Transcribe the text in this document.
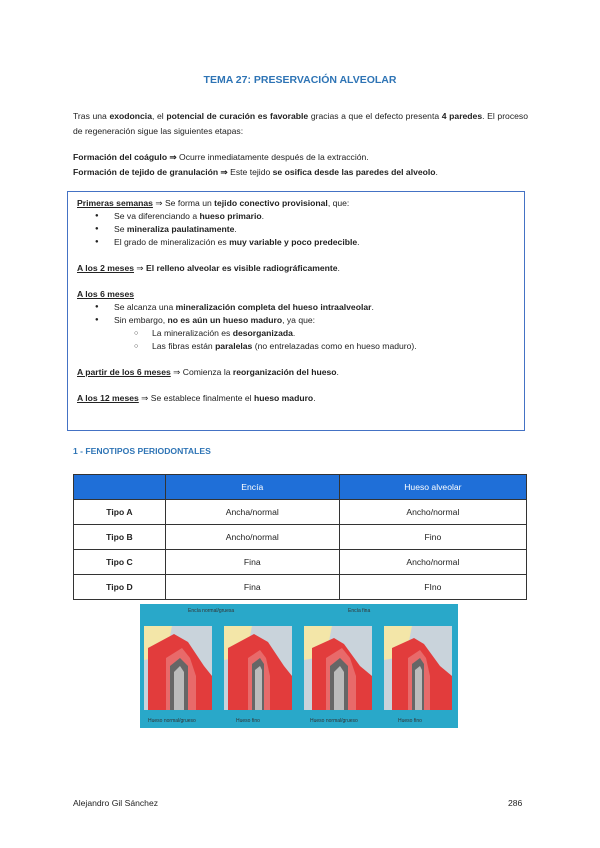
TEMA 27: PRESERVACIÓN ALVEOLAR

Tras una exodoncia, el potencial de curación es favorable gracias a que el defecto presenta 4 paredes. El proceso de regeneración sigue las siguientes etapas:

Formación del coágulo ⇒ Ocurre inmediatamente después de la extracción.
Formación de tejido de granulación ⇒ Este tejido se osifica desde las paredes del alveolo.

Primeras semanas ⇒ Se forma un tejido conectivo provisional, que:

● Se va diferenciando a hueso primario.
● Se mineraliza paulatinamente.
● El grado de mineralización es muy variable y poco predecible.

A los 2 meses ⇒ El relleno alveolar es visible radiográficamente.

A los 6 meses

● Se alcanza una mineralización completa del hueso intraalveolar.
● Sin embargo, no es aún un hueso maduro, ya que:
○ La mineralización es desorganizada.
○ Las fibras están paralelas (no entrelazadas como en hueso maduro).

A partir de los 6 meses ⇒ Comienza la reorganización del hueso.

A los 12 meses ⇒ Se establece finalmente el hueso maduro.

1 - FENOTIPOS PERIODONTALES
	Encía	Hueso alveolar
Tipo A	Ancha/normal	Ancho/normal
Tipo B	Ancho/normal	Fino
Tipo C	Fina	Ancho/normal
Tipo D	Fina	FIno
Encía normal/gruesa	Encía fina
Hueso normal/grueso	Hueso fino	Hueso normal/grueso	Hueso fino
Alejandro Gil Sánchez	286
